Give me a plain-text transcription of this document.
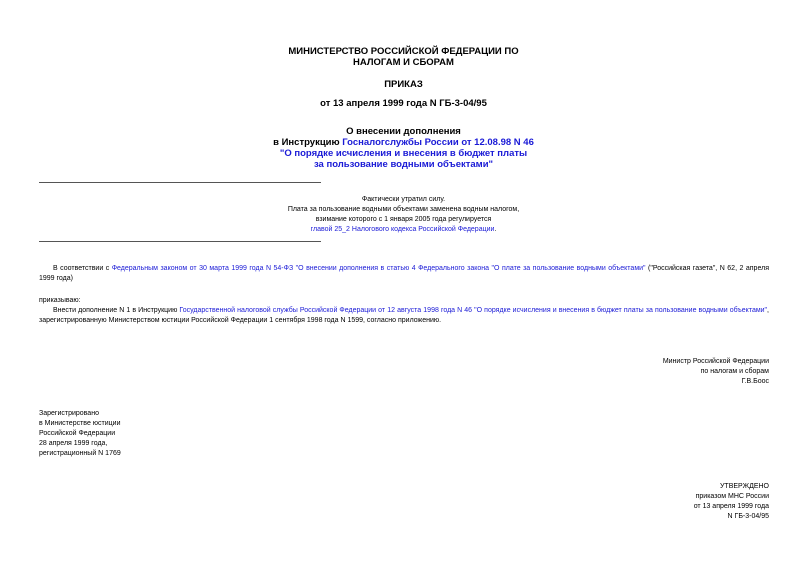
МИНИСТЕРСТВО РОССИЙСКОЙ ФЕДЕРАЦИИ ПО
НАЛОГАМ И СБОРАМ
ПРИКАЗ
от 13 апреля 1999 года N ГБ-3-04/95
О внесении дополнения
в Инструкцию Госналогслужбы России от 12.08.98 N 46
"О порядке исчисления и внесения в бюджет платы
за пользование водными объектами"
Фактически утратил силу.
Плата за пользование водными объектами заменена водным налогом,
взимание которого с 1 января 2005 года регулируется
главой 25_2 Налогового кодекса Российской Федерации.
В соответствии с Федеральным законом от 30 марта 1999 года N 54-ФЗ "О внесении дополнения в статью 4 Федерального закона "О плате за пользование водными объектами" ("Российская газета", N 62, 2 апреля 1999 года)
приказываю:
Внести дополнение N 1 в Инструкцию Государственной налоговой службы Российской Федерации от 12 августа 1998 года N 46 "О порядке исчисления и внесения в бюджет платы за пользование водными объектами", зарегистрированную Министерством юстиции Российской Федерации 1 сентября 1998 года N 1599, согласно приложению.
Министр Российской Федерации
по налогам и сборам
Г.В.Боос
Зарегистрировано
в Министерстве юстиции
Российской Федерации
28 апреля 1999 года,
регистрационный N 1769
УТВЕРЖДЕНО
приказом МНС России
от 13 апреля 1999 года
N ГБ-3-04/95
